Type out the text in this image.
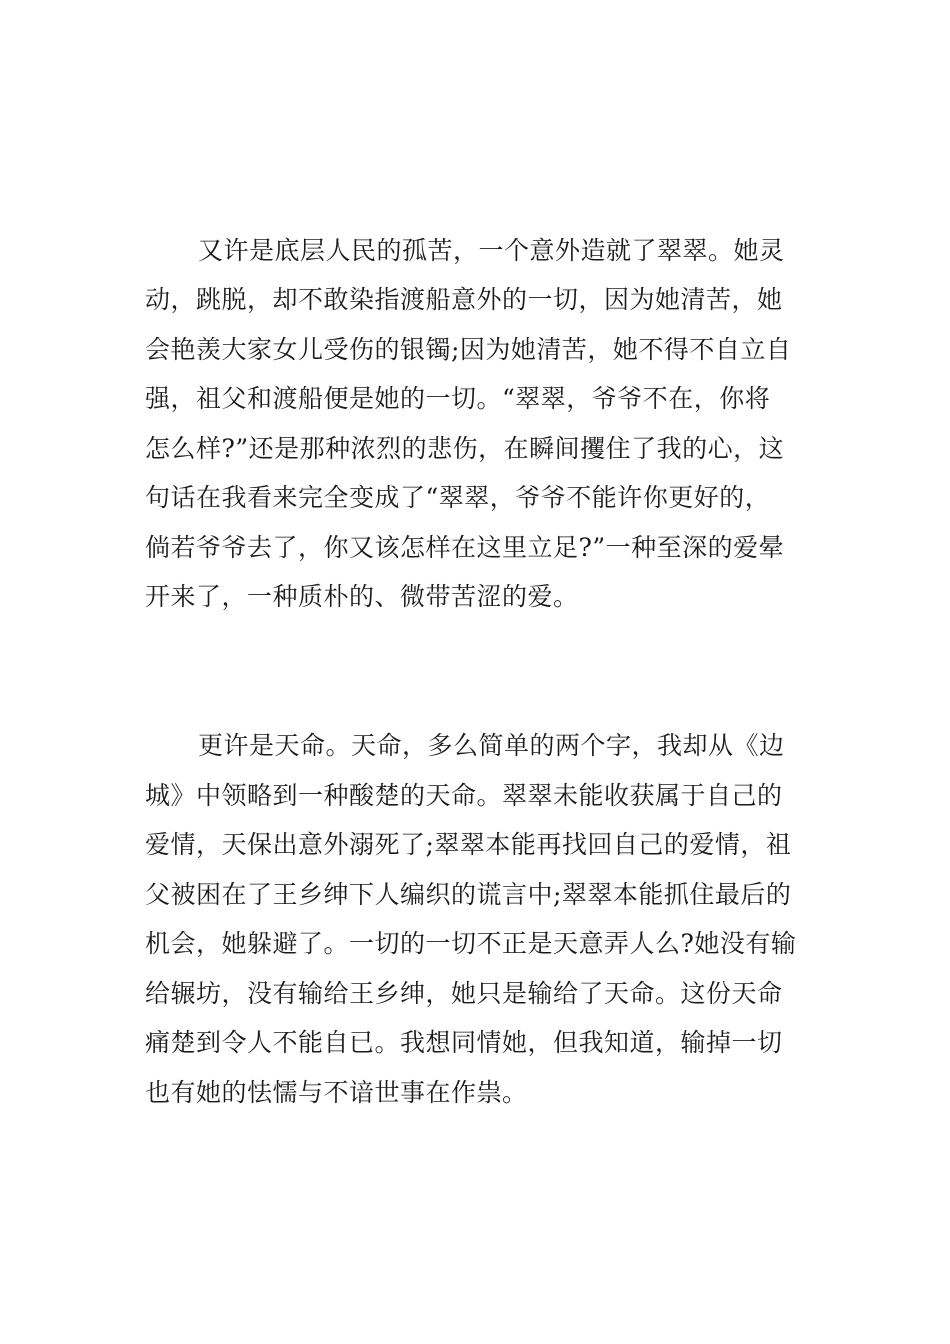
又许是底层人民的孤苦，一个意外造就了翠翠。她灵
动，跳脱，却不敢染指渡船意外的一切，因为她清苦，她
会艳羡大家女儿受伤的银镯;因为她清苦，她不得不自立自
强，祖父和渡船便是她的一切。“翠翠，爷爷不在，你将
怎么样?”还是那种浓烈的悲伤，在瞬间攫住了我的心，这
句话在我看来完全变成了“翠翠，爷爷不能许你更好的，
倘若爷爷去了，你又该怎样在这里立足?”一种至深的爱晕
开来了，一种质朴的、微带苦涩的爱。
更许是天命。天命，多么简单的两个字，我却从《边
城》中领略到一种酸楚的天命。翠翠未能收获属于自己的
爱情，天保出意外溺死了;翠翠本能再找回自己的爱情，祖
父被困在了王乡绅下人编织的谎言中;翠翠本能抓住最后的
机会，她躲避了。一切的一切不正是天意弄人么?她没有输
给辗坊，没有输给王乡绅，她只是输给了天命。这份天命
痛楚到令人不能自已。我想同情她，但我知道，输掉一切
也有她的怯懦与不谙世事在作祟。
